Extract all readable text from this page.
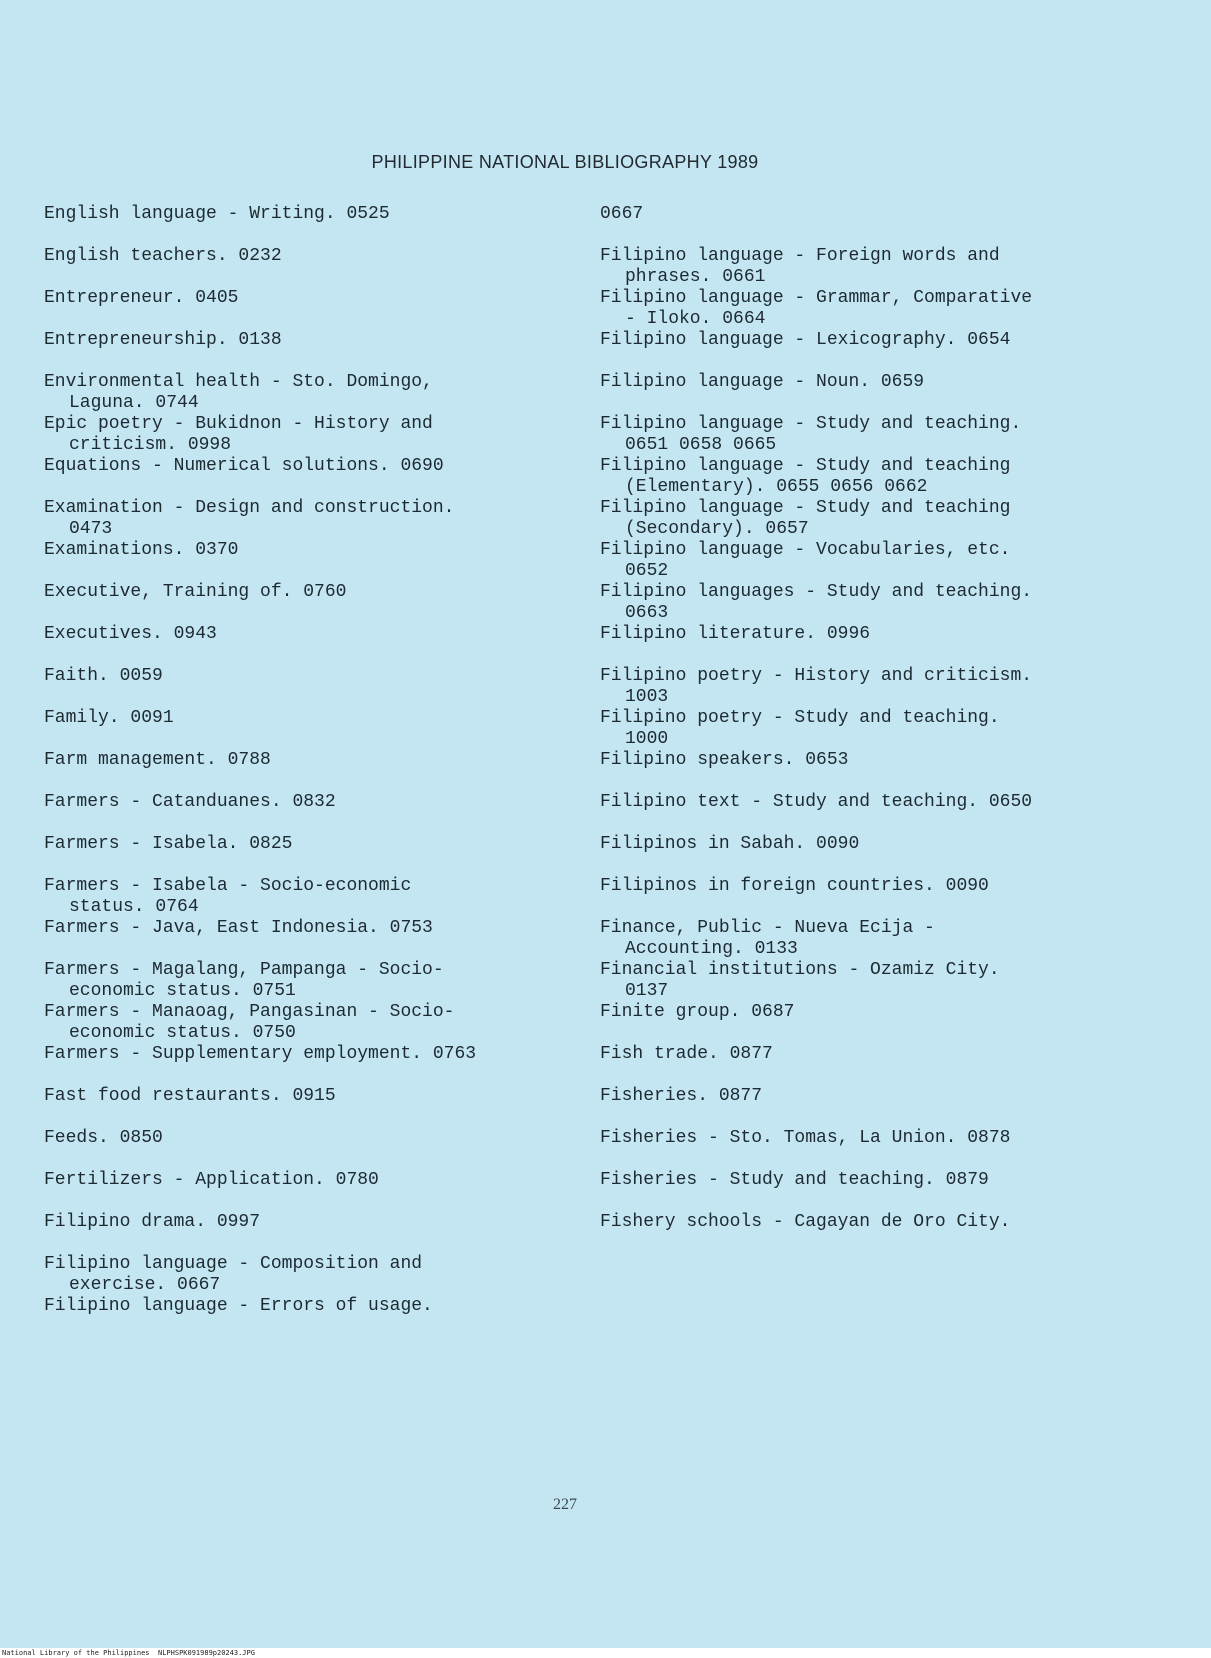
PHILIPPINE NATIONAL BIBLIOGRAPHY 1989
English language - Writing. 0525
English teachers. 0232
Entrepreneur. 0405
Entrepreneurship. 0138
Environmental health - Sto. Domingo,
Laguna. 0744
Epic poetry - Bukidnon - History and
criticism. 0998
Equations - Numerical solutions. 0690
Examination - Design and construction.
0473
Examinations. 0370
Executive, Training of. 0760
Executives. 0943
Faith. 0059
Family. 0091
Farm management. 0788
Farmers - Catanduanes. 0832
Farmers - Isabela. 0825
Farmers - Isabela - Socio-economic
status. 0764
Farmers - Java, East Indonesia. 0753
Farmers - Magalang, Pampanga - Socio-
economic status. 0751
Farmers - Manaoag, Pangasinan - Socio-
economic status. 0750
Farmers - Supplementary employment. 0763
Fast food restaurants. 0915
Feeds. 0850
Fertilizers - Application. 0780
Filipino drama. 0997
Filipino language - Composition and
exercise. 0667
Filipino language - Errors of usage.
0667
Filipino language - Foreign words and
phrases. 0661
Filipino language - Grammar, Comparative
- Iloko. 0664
Filipino language - Lexicography. 0654
Filipino language - Noun. 0659
Filipino language - Study and teaching.
0651 0658 0665
Filipino language - Study and teaching
(Elementary). 0655 0656 0662
Filipino language - Study and teaching
(Secondary). 0657
Filipino language - Vocabularies, etc.
0652
Filipino languages - Study and teaching.
0663
Filipino literature. 0996
Filipino poetry - History and criticism.
1003
Filipino poetry - Study and teaching.
1000
Filipino speakers. 0653
Filipino text - Study and teaching. 0650
Filipinos in Sabah. 0090
Filipinos in foreign countries. 0090
Finance, Public - Nueva Ecija -
Accounting. 0133
Financial institutions - Ozamiz City.
0137
Finite group. 0687
Fish trade. 0877
Fisheries. 0877
Fisheries - Sto. Tomas, La Union. 0878
Fisheries - Study and teaching. 0879
Fishery schools - Cagayan de Oro City.
227
National Library of the Philippines NLPHSPK091989p20243.JPG
